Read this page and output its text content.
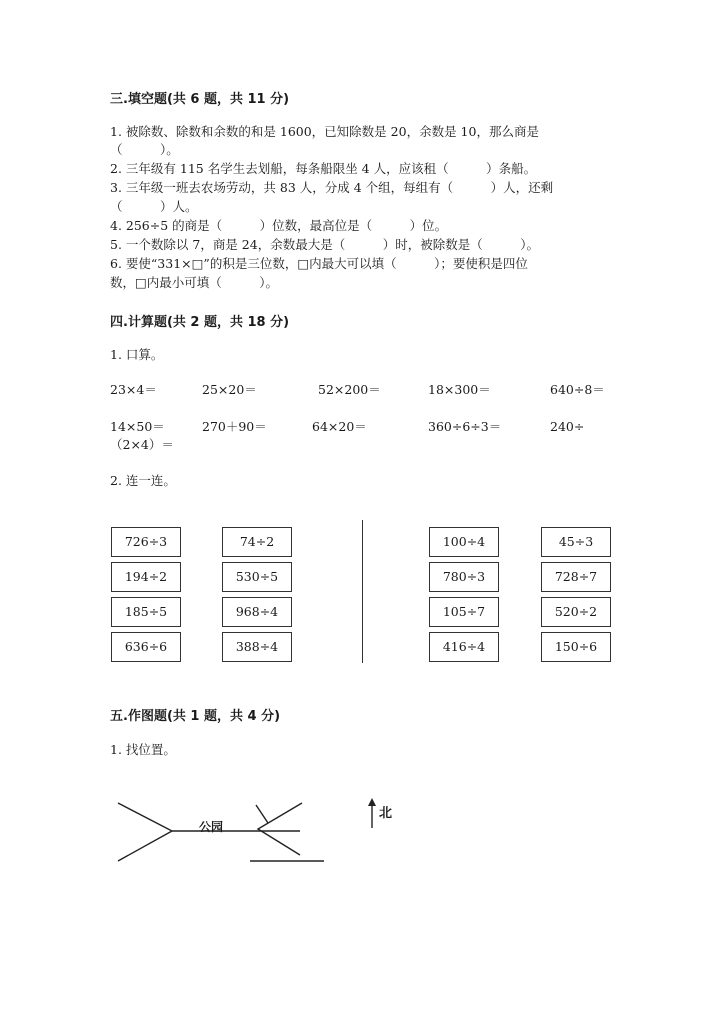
三.填空题(共 6 题，共 11 分)
1. 被除数、除数和余数的和是 1600，已知除数是 20，余数是 10，那么商是
（　　　）。
2. 三年级有 115 名学生去划船，每条船限坐 4 人，应该租（　　　）条船。
3. 三年级一班去农场劳动，共 83 人，分成 4 个组，每组有（　　　）人，还剩
（　　　）人。
4. 256÷5 的商是（　　　）位数，最高位是（　　　）位。
5. 一个数除以 7，商是 24，余数最大是（　　　）时，被除数是（　　　）。
6. 要使“331×□”的积是三位数，□内最大可以填（　　　）；要使积是四位
数，□内最小可填（　　　）。
四.计算题(共 2 题，共 18 分)
1. 口算。
23×4＝	25×20＝	52×200＝	18×300＝	640÷8＝
14×50＝	270＋90＝	64×20＝	360÷6÷3＝	240÷
（2×4）＝
2. 连一连。
726÷3
194÷2
185÷5
636÷6
74÷2
530÷5
968÷4
388÷4
100÷4
780÷3
105÷7
416÷4
45÷3
728÷7
520÷2
150÷6
五.作图题(共 1 题，共 4 分)
1. 找位置。
公园
北
